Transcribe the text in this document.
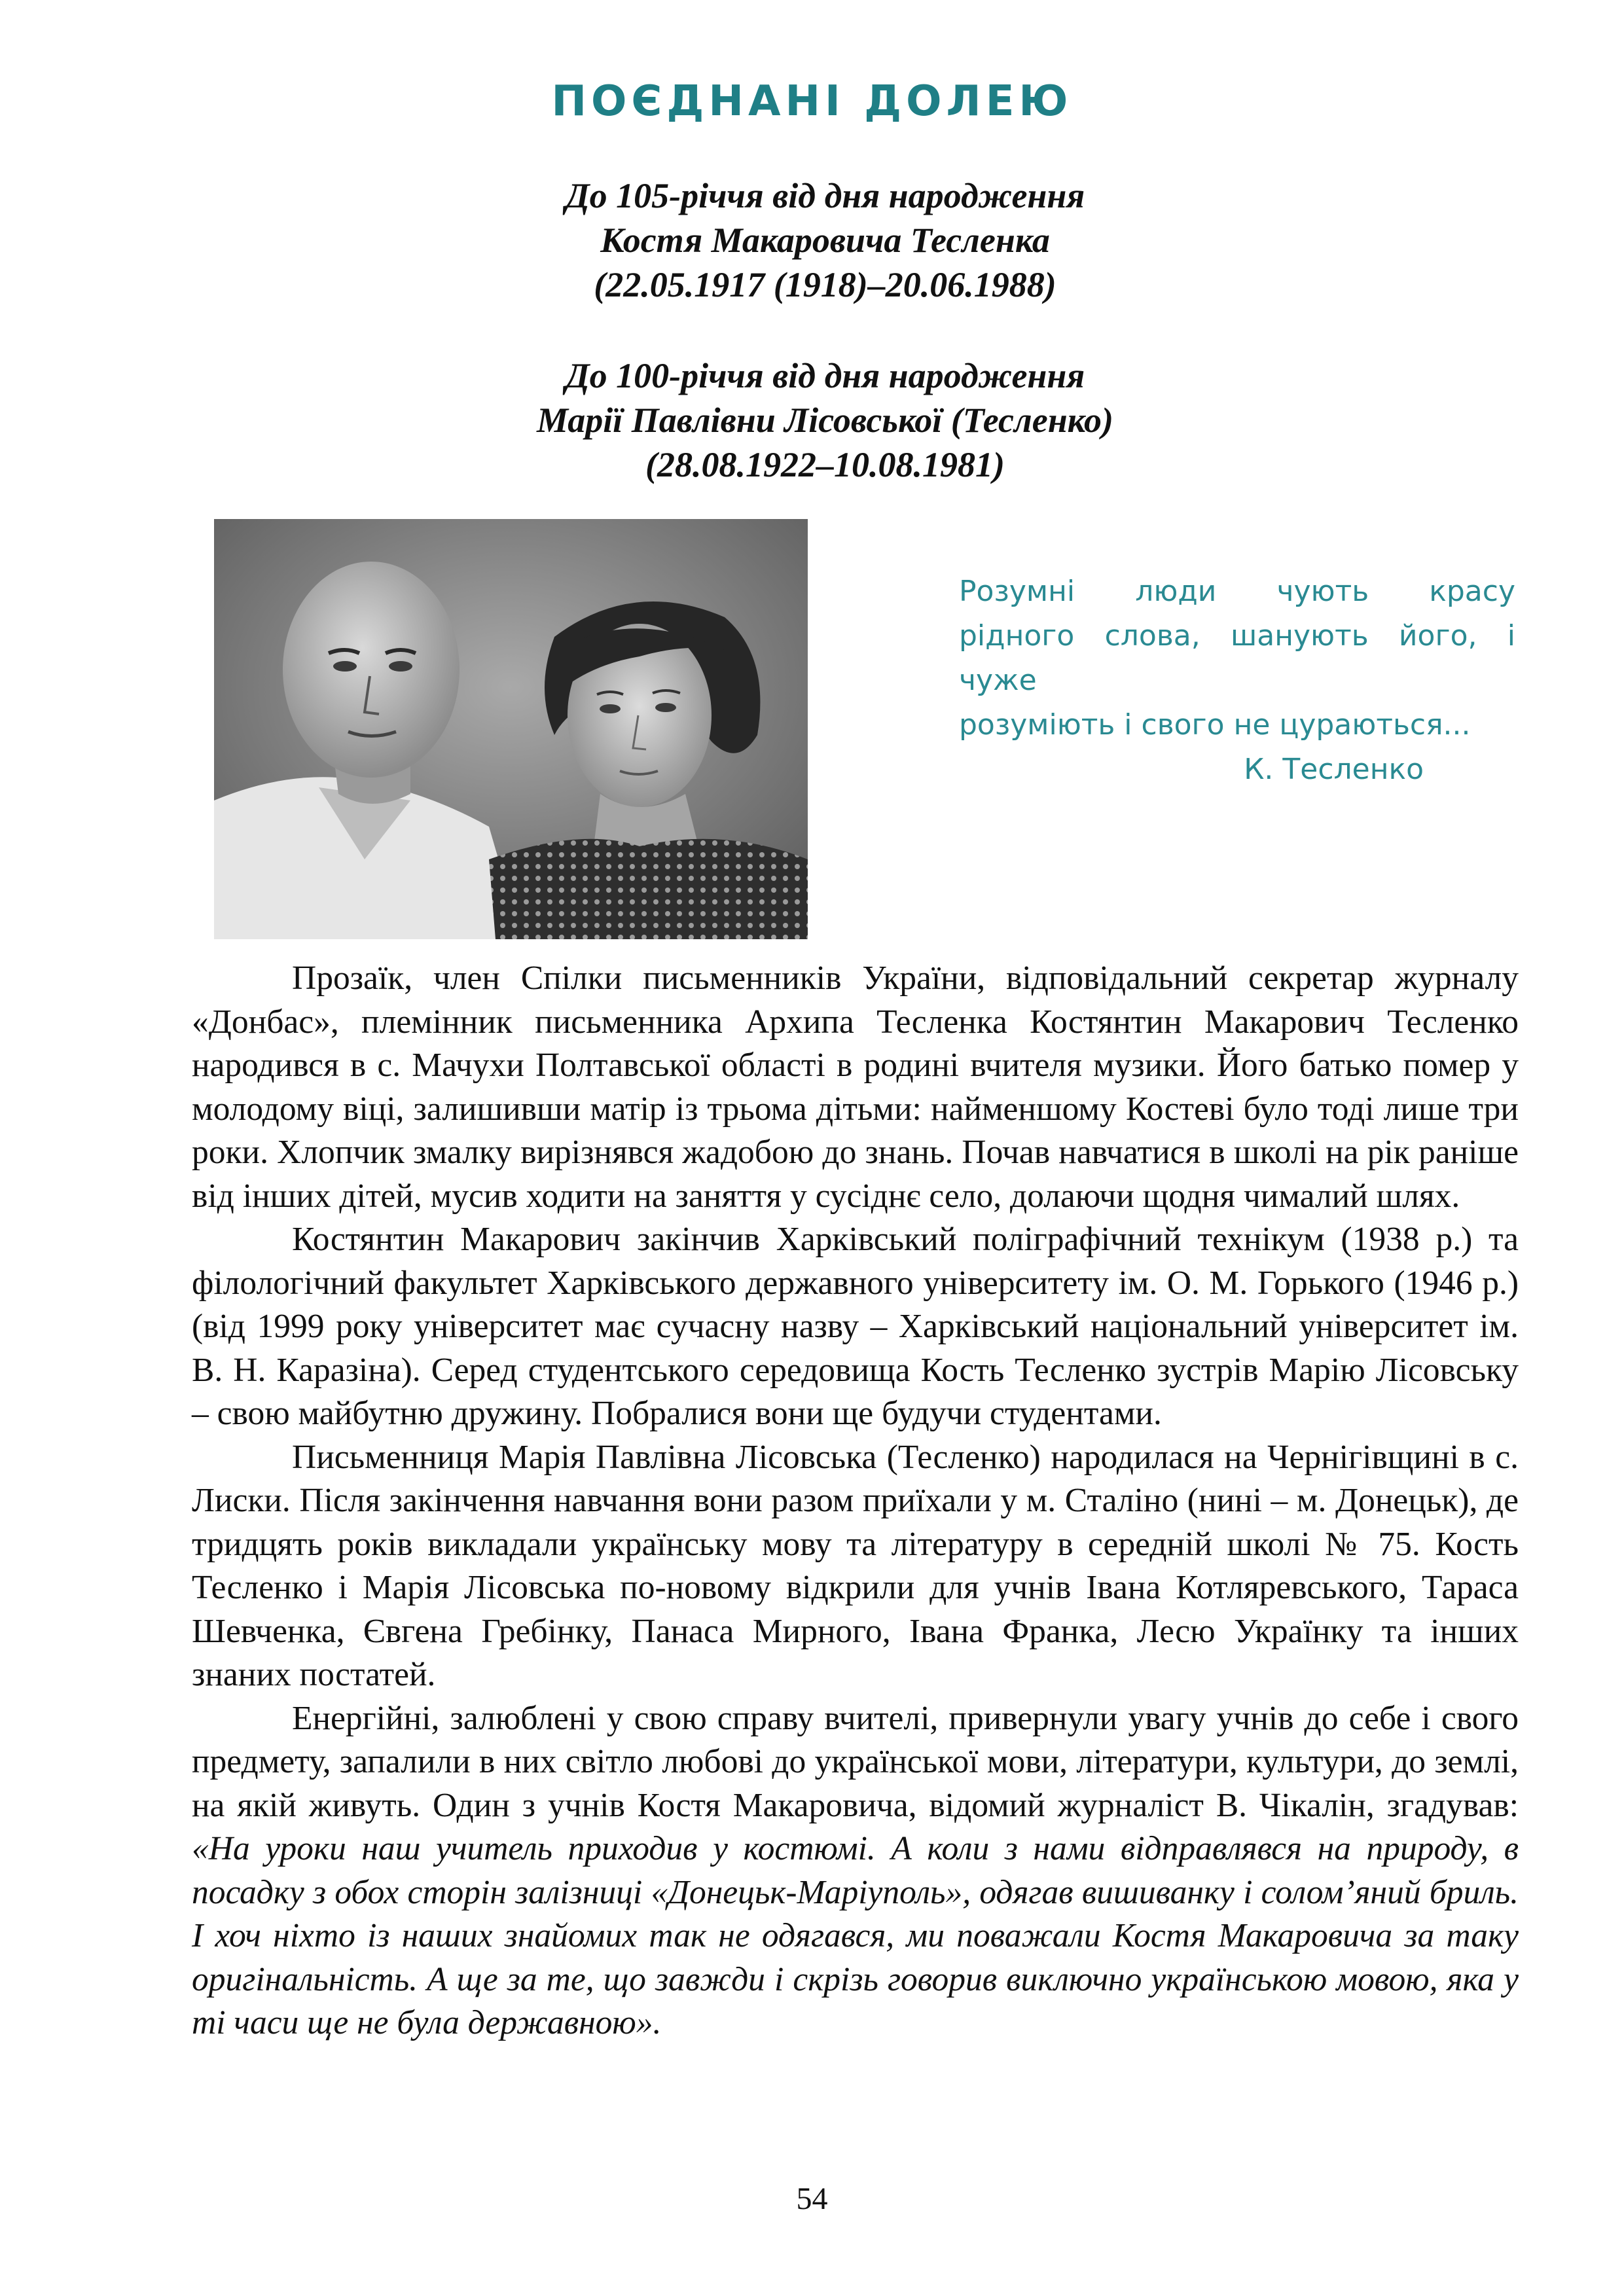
ПОЄДНАНІ ДОЛЕЮ

До 105-річчя від дня народження

Костя Макаровича Тесленка

(22.05.1917 (1918)–20.06.1988)

До 100-річчя від дня народження

Марії Павлівни Лісовської (Тесленко)

(28.08.1922–10.08.1981)

Розумні люди чують красу
рідного слова, шанують його, і чуже
розуміють і свого не цураються...
К. Тесленко

Прозаїк, член Спілки письменників України, відповідальний секретар журналу «Донбас», племінник письменника Архипа Тесленка Костянтин Макарович Тесленко народився в с. Мачухи Полтавської області в родині вчителя музики. Його батько помер у молодому віці, залишивши матір із трьома дітьми: найменшому Костеві було тоді лише три роки. Хлопчик змалку вирізнявся жадобою до знань. Почав навчатися в школі на рік раніше від інших дітей, мусив ходити на заняття у сусіднє село, долаючи щодня чималий шлях.

Костянтин Макарович закінчив Харківський поліграфічний технікум (1938 р.) та філологічний факультет Харківського державного університету ім. О. М. Горького (1946 р.) (від 1999 року університет має сучасну назву – Харківський національний університет ім. В. Н. Каразіна). Серед студентського середовища Кость Тесленко зустрів Марію Лісовську – свою майбутню дружину. Побралися вони ще будучи студентами.

Письменниця Марія Павлівна Лісовська (Тесленко) народилася на Чернігівщині в с. Лиски. Після закінчення навчання вони разом приїхали у м. Сталіно (нині – м. Донецьк), де тридцять років викладали українську мову та літературу в середній школі № 75. Кость Тесленко і Марія Лісовська по-новому відкрили для учнів Івана Котляревського, Тараса Шевченка, Євгена Гребінку, Панаса Мирного, Івана Франка, Лесю Українку та інших знаних постатей.

Енергійні, залюблені у свою справу вчителі, привернули увагу учнів до себе і свого предмету, запалили в них світло любові до української мови, літератури, культури, до землі, на якій живуть. Один з учнів Костя Макаровича, відомий журналіст В. Чікалін, згадував: «На уроки наш учитель приходив у костюмі. А коли з нами відправлявся на природу, в посадку з обох сторін залізниці «Донецьк-Маріуполь», одягав вишиванку і солом’яний бриль. І хоч ніхто із наших знайомих так не одягався, ми поважали Костя Макаровича за таку оригінальність. А ще за те, що завжди і скрізь говорив виключно українською мовою, яка у ті часи ще не була державною».

54
